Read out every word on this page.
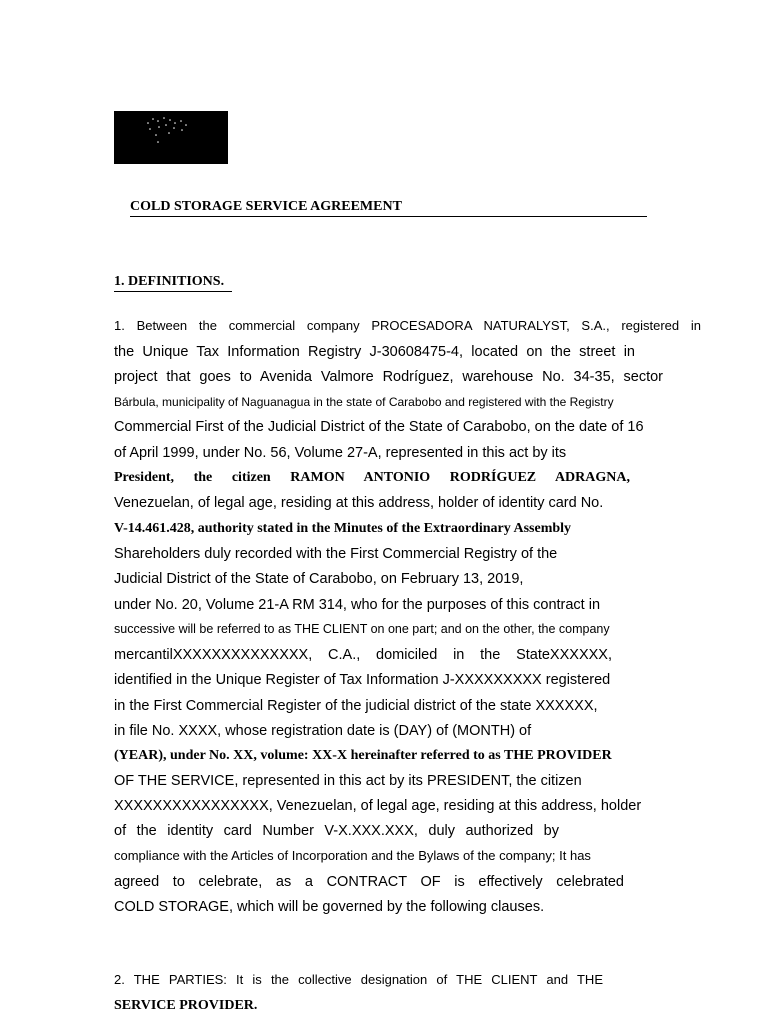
COLD STORAGE SERVICE AGREEMENT
1. DEFINITIONS.
1. Between the commercial company PROCESADORA NATURALYST, S.A., registered in
the Unique Tax Information Registry J-30608475-4, located on the street in
project that goes to Avenida Valmore Rodríguez, warehouse No. 34-35, sector
Bárbula, municipality of Naguanagua in the state of Carabobo and registered with the Registry
Commercial First of the Judicial District of the State of Carabobo, on the date of 16
of April 1999, under No. 56, Volume 27-A, represented in this act by its
President, the citizen RAMON ANTONIO RODRÍGUEZ ADRAGNA,
Venezuelan, of legal age, residing at this address, holder of identity card No.
V-14.461.428, authority stated in the Minutes of the Extraordinary Assembly
Shareholders duly recorded with the First Commercial Registry of the
Judicial District of the State of Carabobo, on February 13, 2019,
under No. 20, Volume 21-A RM 314, who for the purposes of this contract in
successive will be referred to as THE CLIENT on one part; and on the other, the company
mercantilXXXXXXXXXXXXXX, C.A., domiciled in the StateXXXXXX,
identified in the Unique Register of Tax Information J-XXXXXXXXX registered
in the First Commercial Register of the judicial district of the state XXXXXX,
in file No. XXXX, whose registration date is (DAY) of (MONTH) of
(YEAR), under No. XX, volume: XX-X hereinafter referred to as THE PROVIDER
OF THE SERVICE, represented in this act by its PRESIDENT, the citizen
XXXXXXXXXXXXXXXX, Venezuelan, of legal age, residing at this address, holder
of the identity card Number V-X.XXX.XXX, duly authorized by
compliance with the Articles of Incorporation and the Bylaws of the company; It has
agreed to celebrate, as a CONTRACT OF is effectively celebrated
COLD STORAGE, which will be governed by the following clauses.
2. THE PARTIES: It is the collective designation of THE CLIENT and THE
SERVICE PROVIDER.
